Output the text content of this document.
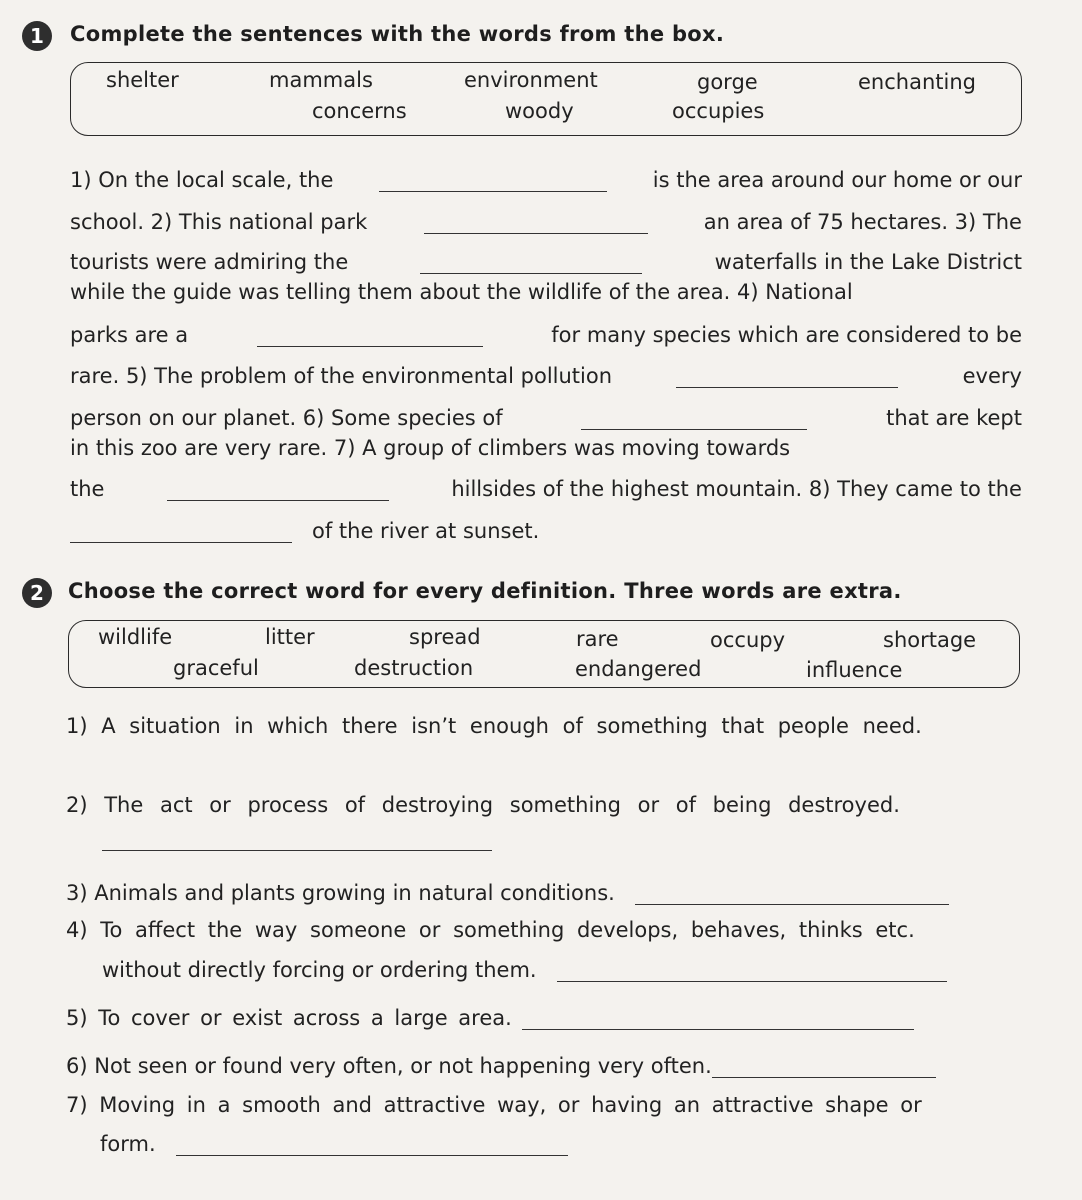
1	Complete the sentences with the words from the box.
shelter	mammals	environment	gorge	enchanting
concerns	woody	occupies
1) On the local scale, the	is the area around our home or our
school. 2) This national park	an area of 75 hectares. 3) The
tourists were admiring the	waterfalls in the Lake District
while the guide was telling them about the wildlife of the area. 4) National
parks are a	for many species which are considered to be
rare. 5) The problem of the environmental pollution	every
person on our planet. 6) Some species of	that are kept
in this zoo are very rare. 7) A group of climbers was moving towards
the	hillsides of the highest mountain. 8) They came to the
of the river at sunset.
2	Choose the correct word for every definition. Three words are extra.
wildlife	litter	spread	rare	occupy	shortage
graceful	destruction	endangered	influence
1) A situation in which there isn’t enough of something that people need.
2) The act or process of destroying something or of being destroyed.
3) Animals and plants growing in natural conditions.
4) To affect the way someone or something develops, behaves, thinks etc.
without directly forcing or ordering them.
5) To cover or exist across a large area.
6) Not seen or found very often, or not happening very often.
7) Moving in a smooth and attractive way, or having an attractive shape or
form.
